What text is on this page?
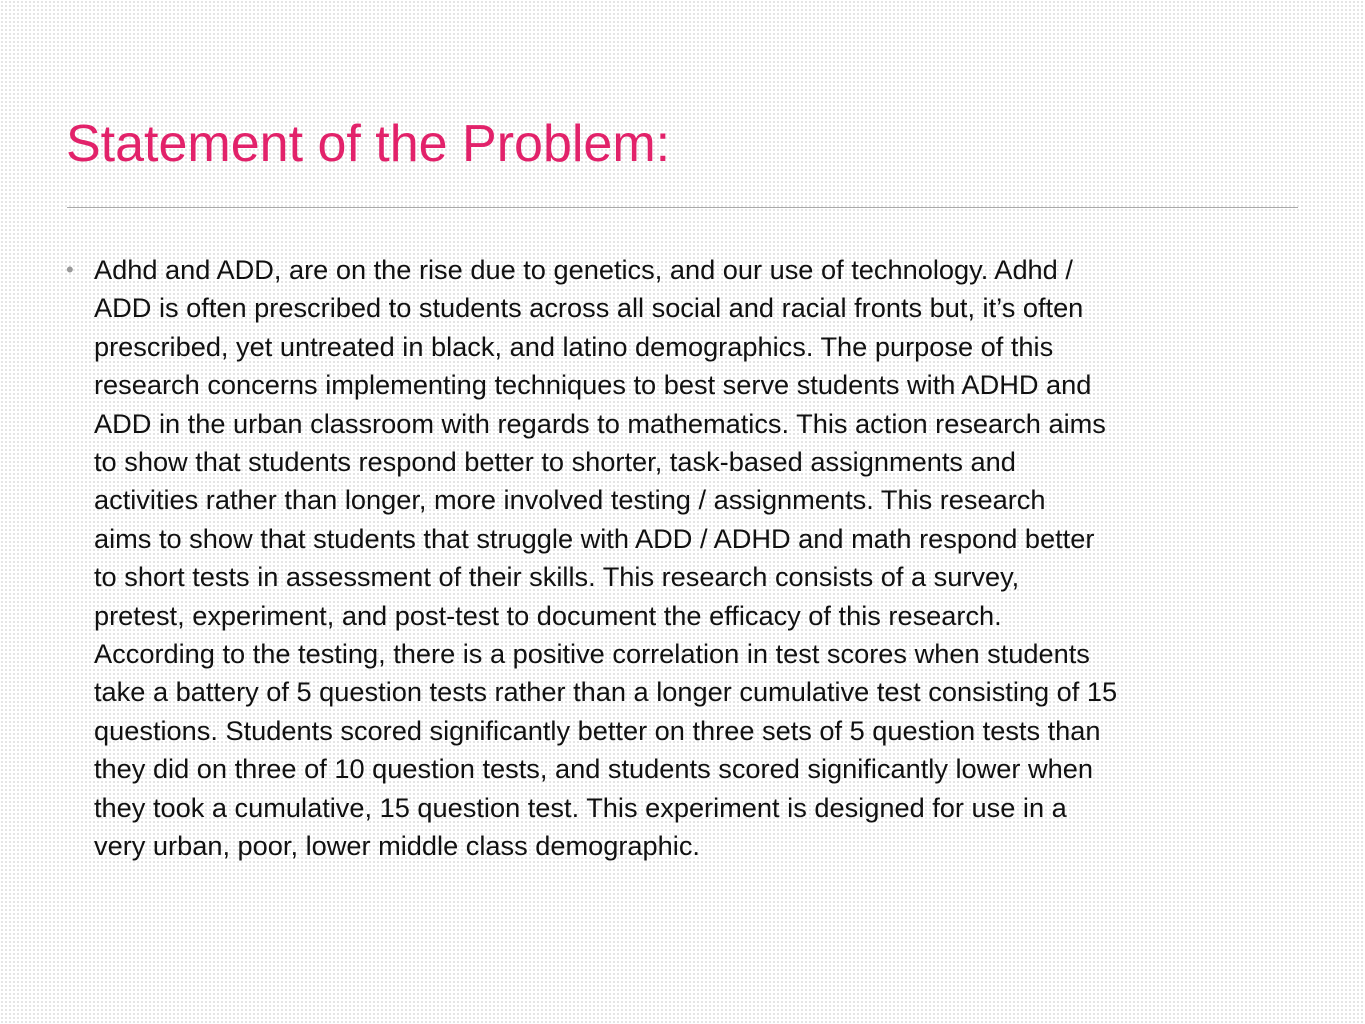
Statement of the Problem:
• Adhd and ADD, are on the rise due to genetics, and our use of technology. Adhd /
ADD is often prescribed to students across all social and racial fronts but, it’s often
prescribed, yet untreated in black, and latino demographics. The purpose of this
research concerns implementing techniques to best serve students with ADHD and
ADD in the urban classroom with regards to mathematics. This action research aims
to show that students respond better to shorter, task-based assignments and
activities rather than longer, more involved testing / assignments. This research
aims to show that students that struggle with ADD / ADHD and math respond better
to short tests in assessment of their skills. This research consists of a survey,
pretest, experiment, and post-test to document the efficacy of this research.
According to the testing, there is a positive correlation in test scores when students
take a battery of 5 question tests rather than a longer cumulative test consisting of 15
questions. Students scored significantly better on three sets of 5 question tests than
they did on three of 10 question tests, and students scored significantly lower when
they took a cumulative, 15 question test. This experiment is designed for use in a
very urban, poor, lower middle class demographic.
